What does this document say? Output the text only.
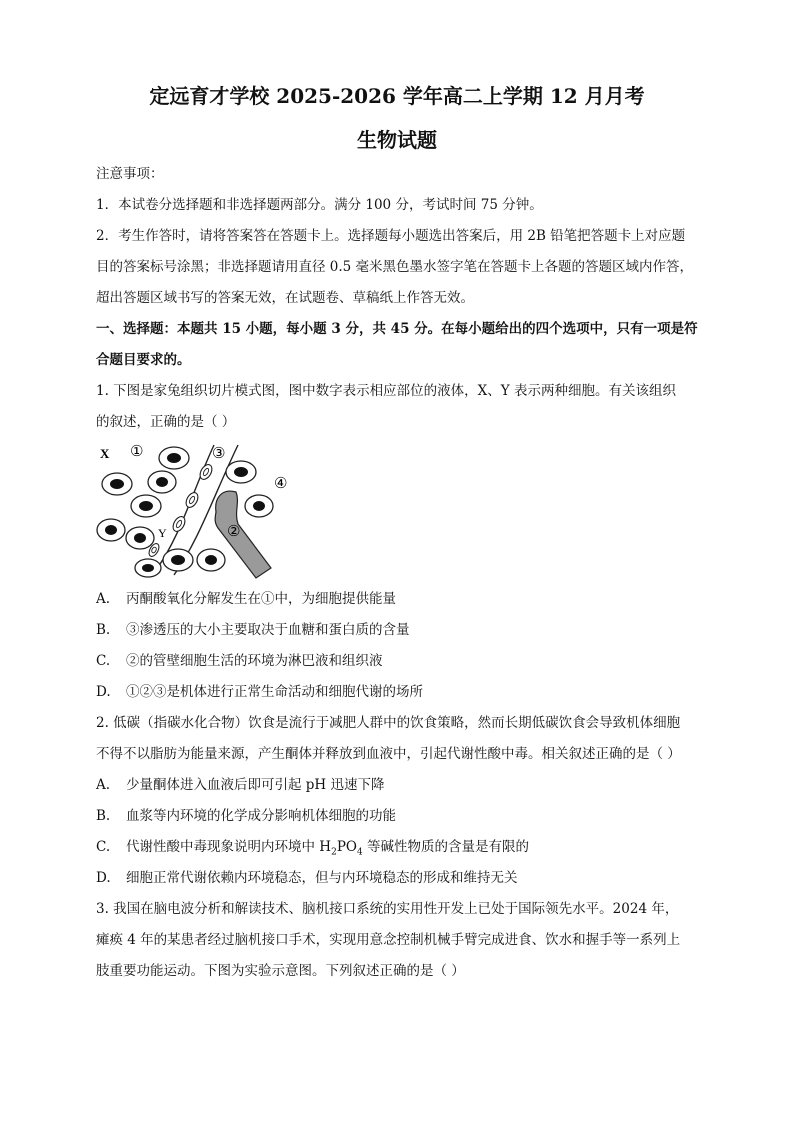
定远育才学校 2025-2026 学年高二上学期 12 月月考
生物试题
注意事项：
1．本试卷分选择题和非选择题两部分。满分 100 分，考试时间 75 分钟。
2．考生作答时，请将答案答在答题卡上。选择题每小题选出答案后，用 2B 铅笔把答题卡上对应题
目的答案标号涂黑；非选择题请用直径 0.5 毫米黑色墨水签字笔在答题卡上各题的答题区域内作答，
超出答题区域书写的答案无效，在试题卷、草稿纸上作答无效。
一、选择题：本题共 15 小题，每小题 3 分，共 45 分。在每小题给出的四个选项中，只有一项是符
合题目要求的。
1. 下图是家兔组织切片模式图，图中数字表示相应部位的液体，X、Y 表示两种细胞。有关该组织
的叙述，正确的是（ ）
X ①	③
④
②
Y
A. 丙酮酸氧化分解发生在①中，为细胞提供能量
B. ③渗透压的大小主要取决于血糖和蛋白质的含量
C. ②的管壁细胞生活的环境为淋巴液和组织液
D. ①②③是机体进行正常生命活动和细胞代谢的场所
2. 低碳（指碳水化合物）饮食是流行于减肥人群中的饮食策略，然而长期低碳饮食会导致机体细胞
不得不以脂肪为能量来源，产生酮体并释放到血液中，引起代谢性酸中毒。相关叙述正确的是（ ）
A. 少量酮体进入血液后即可引起 pH 迅速下降
B. 血浆等内环境的化学成分影响机体细胞的功能
C. 代谢性酸中毒现象说明内环境中 $H_2PO_4$ 等碱性物质的含量是有限的
D. 细胞正常代谢依赖内环境稳态，但与内环境稳态的形成和维持无关
3. 我国在脑电波分析和解读技术、脑机接口系统的实用性开发上已处于国际领先水平。2024 年，
瘫痪 4 年的某患者经过脑机接口手术，实现用意念控制机械手臂完成进食、饮水和握手等一系列上
肢重要功能运动。下图为实验示意图。下列叙述正确的是（ ）
